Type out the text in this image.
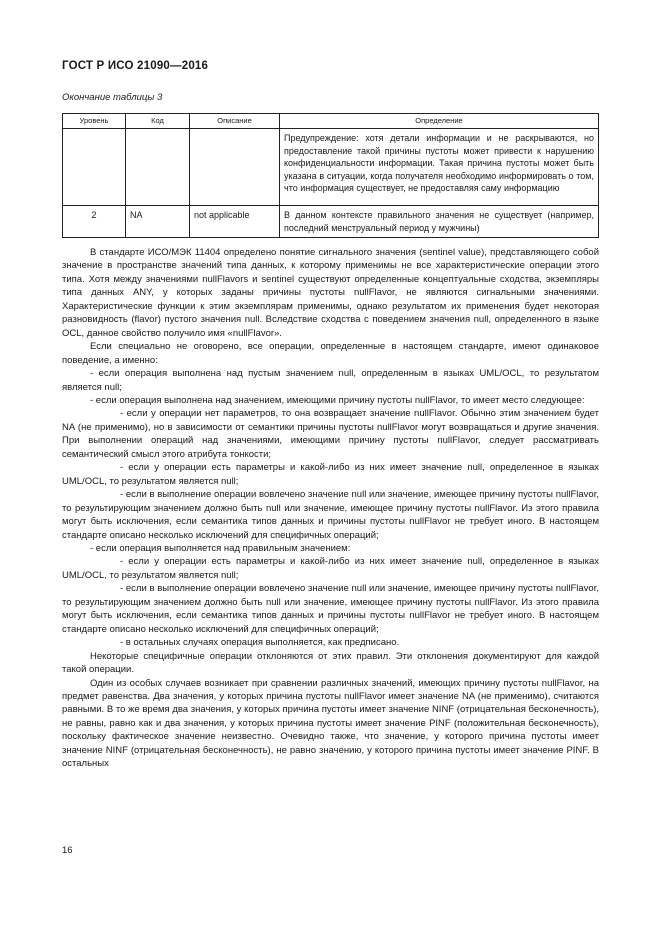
ГОСТ Р ИСО 21090—2016
Окончание таблицы 3
Уровень	Код	Описание	Определение
			Предупреждение: хотя детали информации и не раскрываются, но предоставление такой причины пустоты может привести к нарушению конфиденциальности информации. Такая причина пустоты может быть указана в ситуации, когда получателя необходимо информировать о том, что информация существует, не предоставляя саму информацию
2	NA	not applicable	В данном контексте правильного значения не существует (например, последний менструальный период у мужчины)

В стандарте ИСО/МЭК 11404 определено понятие сигнального значения (sentinel value), представляющего собой значение в пространстве значений типа данных, к которому применимы не все характеристические операции этого типа. Хотя между значениями nullFlavors и sentinel существуют определенные концептуальные сходства, экземпляры типа данных ANY, у которых заданы причины пустоты nullFlavor, не являются сигнальными значениями. Характеристические функции к этим экземплярам применимы, однако результатом их применения будет некоторая разновидность (flavor) пустого значения null. Вследствие сходства с поведением значения null, определенного в языке OCL, данное свойство получило имя «nullFlavor».

Если специально не оговорено, все операции, определенные в настоящем стандарте, имеют одинаковое поведение, а именно:

- если операция выполнена над пустым значением null, определенным в языках UML/OCL, то результатом является null;

- если операция выполнена над значением, имеющими причину пустоты nullFlavor, то имеет место следующее:

- если у операции нет параметров, то она возвращает значение nullFlavor. Обычно этим значением будет NA (не применимо), но в зависимости от семантики причины пустоты nullFlavor могут возвращаться и другие значения. При выполнении операций над значениями, имеющими причину пустоты nullFlavor, следует рассматривать семантический смысл этого атрибута тонкости;

- если у операции есть параметры и какой-либо из них имеет значение null, определенное в языках UML/OCL, то результатом является null;

- если в выполнение операции вовлечено значение null или значение, имеющее причину пустоты nullFlavor, то результирующим значением должно быть null или значение, имеющее причину пустоты nullFlavor. Из этого правила могут быть исключения, если семантика типов данных и причины пустоты nullFlavor не требует иного. В настоящем стандарте описано несколько исключений для специфичных операций;

- если операция выполняется над правильным значением:

- если у операции есть параметры и какой-либо из них имеет значение null, определенное в языках UML/OCL, то результатом является null;

- если в выполнение операции вовлечено значение null или значение, имеющее причину пустоты nullFlavor, то результирующим значением должно быть null или значение, имеющее причину пустоты nullFlavor. Из этого правила могут быть исключения, если семантика типов данных и причины пустоты nullFlavor не требует иного. В настоящем стандарте описано несколько исключений для специфичных операций;

- в остальных случаях операция выполняется, как предписано.

Некоторые специфичные операции отклоняются от этих правил. Эти отклонения документируют для каждой такой операции.

Один из особых случаев возникает при сравнении различных значений, имеющих причину пустоты nullFlavor, на предмет равенства. Два значения, у которых причина пустоты nullFlavor имеет значение NA (не применимо), считаются равными. В то же время два значения, у которых причина пустоты имеет значение NINF (отрицательная бесконечность), не равны, равно как и два значения, у которых причина пустоты имеет значение PINF (положительная бесконечность), поскольку фактическое значение неизвестно. Очевидно также, что значение, у которого причина пустоты имеет значение NINF (отрицательная бесконечность), не равно значению, у которого причина пустоты имеет значение PINF. В остальных

16
